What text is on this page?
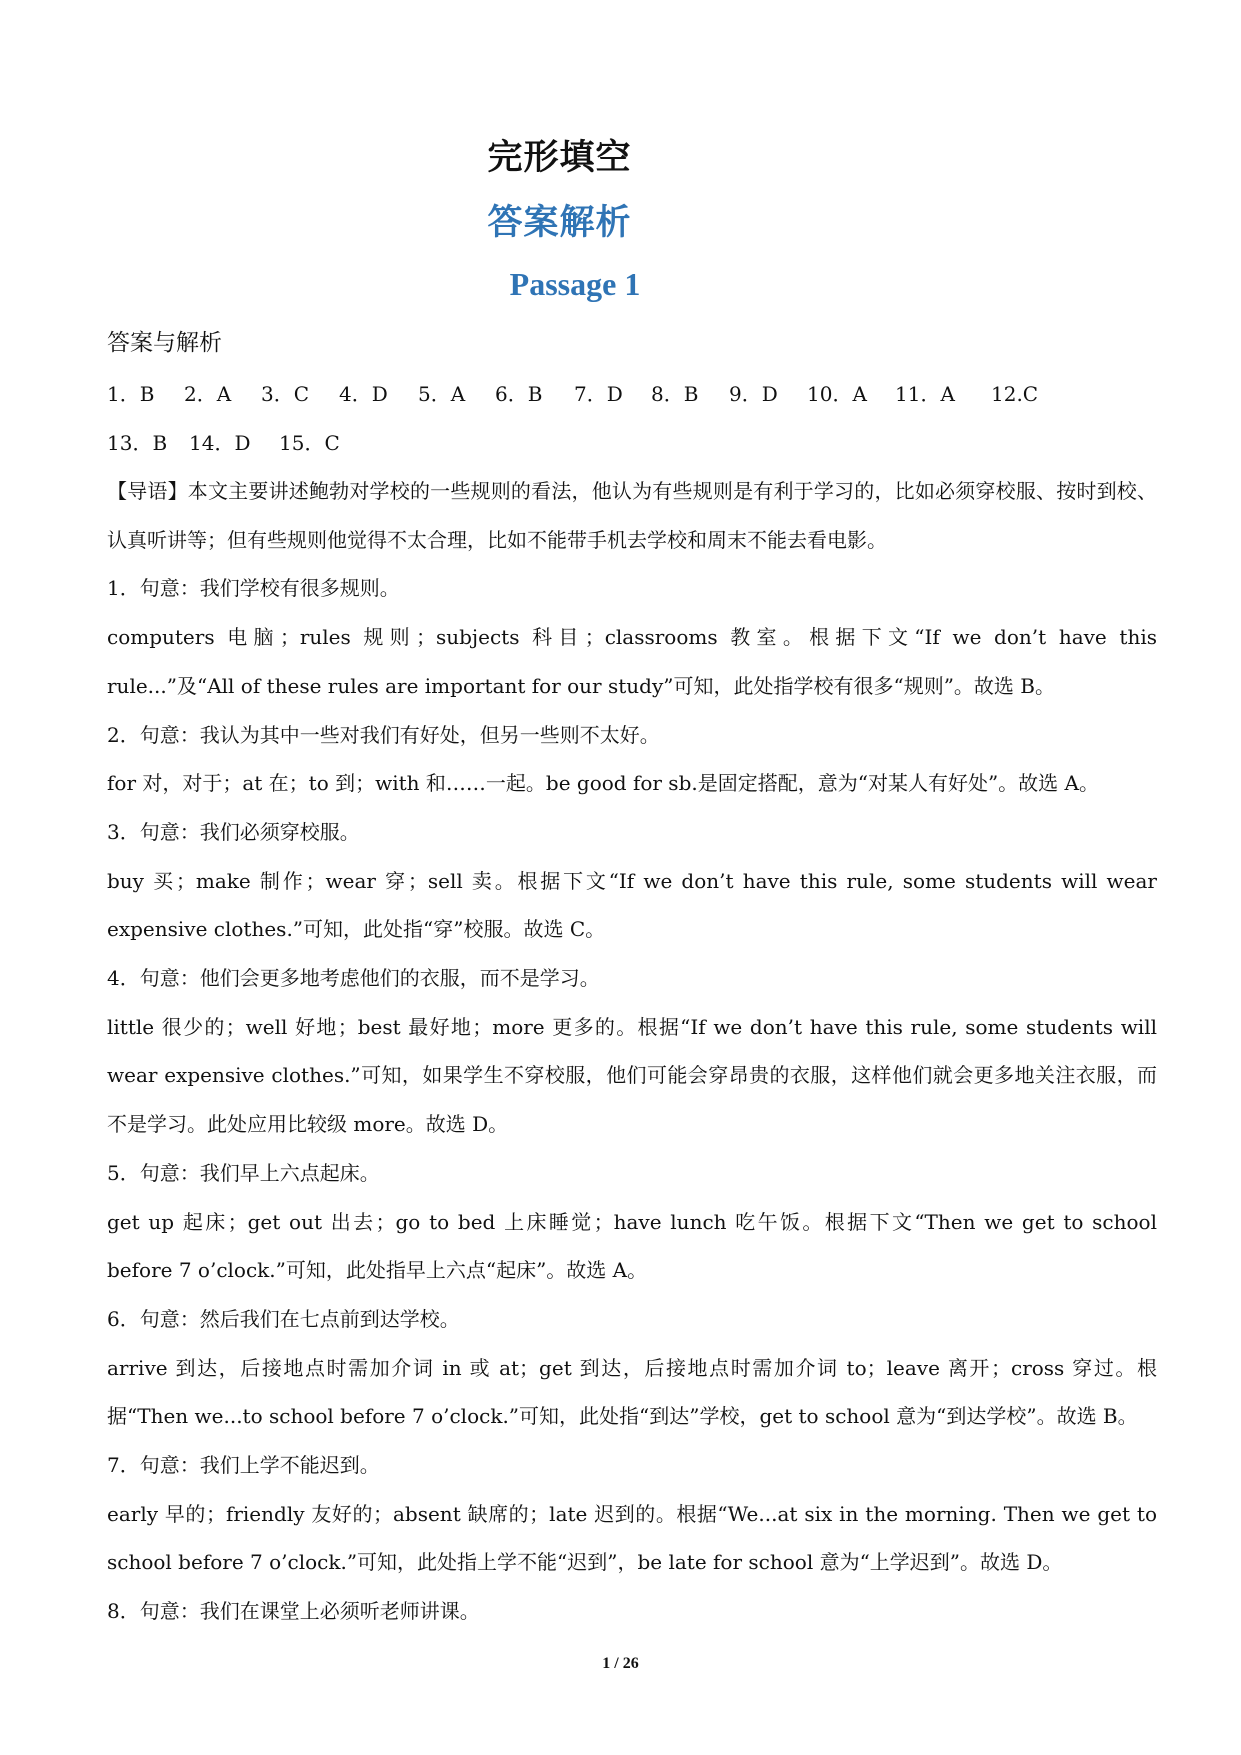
完形填空
答案解析
Passage 1
答案与解析
1．B	2．A	3．C	4．D	5．A	6．B	7．D	8．B	9．D	10．A	11．A	12.C
13．B	14．D	15．C

【导语】本文主要讲述鲍勃对学校的一些规则的看法，他认为有些规则是有利于学习的，比如必须穿校服、按时到校、认真听讲等；但有些规则他觉得不太合理，比如不能带手机去学校和周末不能去看电影。

1．句意：我们学校有很多规则。

computers 电脑；rules 规则；subjects 科目；classrooms 教室。根据下文“If we don’t have this rule...”及“All of these rules are important for our study”可知，此处指学校有很多“规则”。故选 B。

2．句意：我认为其中一些对我们有好处，但另一些则不太好。

for 对，对于；at 在；to 到；with 和……一起。be good for sb.是固定搭配，意为“对某人有好处”。故选 A。

3．句意：我们必须穿校服。

buy 买；make 制作；wear 穿；sell 卖。根据下文“If we don’t have this rule, some students will wear expensive clothes.”可知，此处指“穿”校服。故选 C。

4．句意：他们会更多地考虑他们的衣服，而不是学习。

little 很少的；well 好地；best 最好地；more 更多的。根据“If we don’t have this rule, some students will wear expensive clothes.”可知，如果学生不穿校服，他们可能会穿昂贵的衣服，这样他们就会更多地关注衣服，而不是学习。此处应用比较级 more。故选 D。

5．句意：我们早上六点起床。

get up 起床；get out 出去；go to bed 上床睡觉；have lunch 吃午饭。根据下文“Then we get to school before 7 o’clock.”可知，此处指早上六点“起床”。故选 A。

6．句意：然后我们在七点前到达学校。

arrive 到达，后接地点时需加介词 in 或 at；get 到达，后接地点时需加介词 to；leave 离开；cross 穿过。根据“Then we...to school before 7 o’clock.”可知，此处指“到达”学校，get to school 意为“到达学校”。故选 B。

7．句意：我们上学不能迟到。

early 早的；friendly 友好的；absent 缺席的；late 迟到的。根据“We...at six in the morning. Then we get to school before 7 o’clock.”可知，此处指上学不能“迟到”，be late for school 意为“上学迟到”。故选 D。

8．句意：我们在课堂上必须听老师讲课。

1 / 26
